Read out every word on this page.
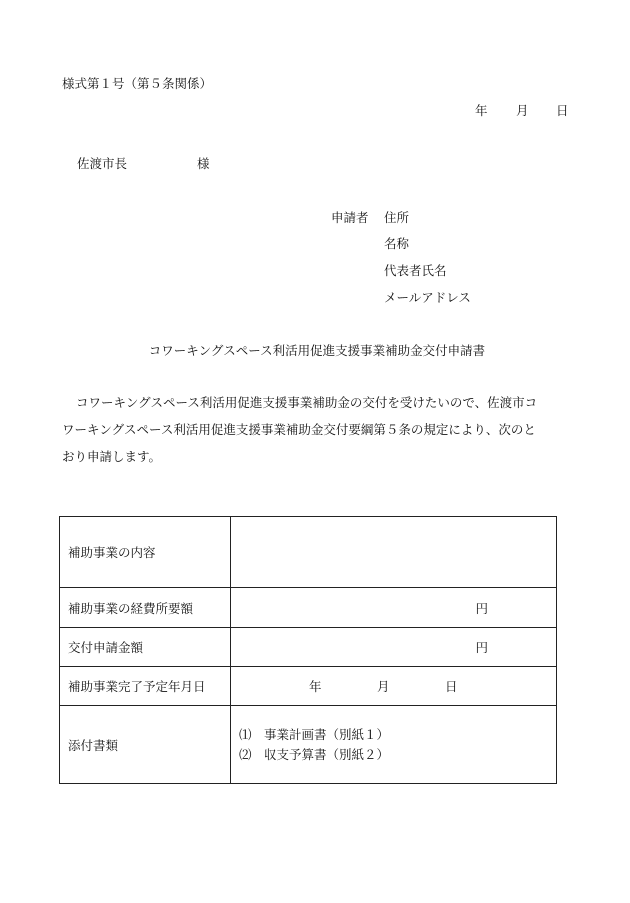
様式第１号（第５条関係）
年 月 日
佐渡市長	様
申請者 住所
名称
代表者氏名
メールアドレス
コワーキングスペース利活用促進支援事業補助金交付申請書
コワーキングスペース利活用促進支援事業補助金の交付を受けたいので、佐渡市コ
ワーキングスペース利活用促進支援事業補助金交付要綱第５条の規定により、次のと
おり申請します。
補助事業の内容	
補助事業の経費所要額	円

交付申請金額	円

補助事業完了予定年月日	年 月 日

添付書類	⑴　事業計画書（別紙１）
⑵　収支予算書（別紙２）
